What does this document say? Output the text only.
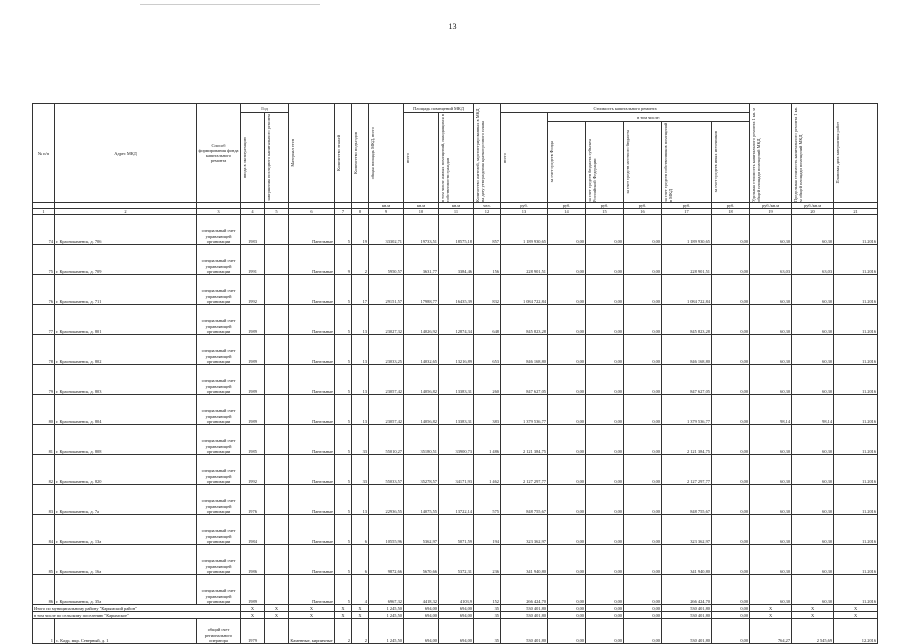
13
№ п/п	Адрес МКД	Способ формирования фонда капитального ремонта	Год		Материал стен	Количество этажей	Количество подъездов	общая площадь МКД, всего	Площадь помещений МКД		Количество жителей, зарегистрированных в МКД на дату утверждения краткосрочного плана	Стоимость капитального ремонта						Удельная стоимость капитального ремонта 1 кв. м общей площади помещений МКД	Предельная стоимость капитального ремонта 1 кв. м общей площади помещений МКД	Плановая дата завершения работ

			ввода в эксплуатацию	завершения последнего капитального ремонта					всего	в том числе жилых помещений, находящихся в собственности граждан		всего	в том числе:							

													за счет средств Фонда	за счет средств бюджета субъекта Российской Федерации	за счет средств местного бюджета	за счет средств собственников помещений в МКД	за счет средств иных источников			

								кв.м	кв.м	кв.м	чел.	руб.	руб.	руб.	руб.	руб.	руб.	руб./кв.м	руб./кв.м	
1	2	3	4	5	6	7	8	9	10	11	12	13	14	15	16	17	18	19	20	21
74	г. Краснокаменск, д. 706	специальный счет управляющей организации	1983		Панельные	5	19	33302,71	19733,51	18575,18	857	1 189 930,65	0,00	0,00	0,00	1 189 930,65	0,00	60,30	60,30	11.2016
75	г. Краснокаменск, д. 709	специальный счет управляющей организации	1991		Панельные	9	2	5950,57	3631,77	3384,46	156	228 901,51	0,00	0,00	0,00	228 901,51	0,00	63,03	63,03	11.2016
76	г. Краснокаменск, д. 711	специальный счет управляющей организации	1992		Панельные	5	17	29151,57	17988,77	16435,39	832	1 084 722,84	0,00	0,00	0,00	1 084 722,84	0,00	60,30	60,30	11.2016
77	г. Краснокаменск, д. 801	специальный счет управляющей организации	1989		Панельные	5	13	23027,32	14026,92	12874,34	648	845 823,28	0,00	0,00	0,00	845 823,28	0,00	60,30	60,30	11.2016
78	г. Краснокаменск, д. 802	специальный счет управляющей организации	1989		Панельные	5	13	23033,25	14032,65	13216,89	653	846 168,80	0,00	0,00	0,00	846 168,80	0,00	60,30	60,30	11.2016
79	г. Краснокаменск, д. 803	специальный счет управляющей организации	1989		Панельные	5	13	23057,42	14056,82	13383,31	260	847 627,05	0,00	0,00	0,00	847 627,05	0,00	60,30	60,30	11.2016
80	г. Краснокаменск, д. 804	специальный счет управляющей организации	1989		Панельные	5	13	23057,42	14056,82	13383,31	383	1 379 536,77	0,00	0,00	0,00	1 379 536,77	0,00	98,14	98,14	11.2016
81	г. Краснокаменск, д. 808	специальный счет управляющей организации	1985		Панельные	5	33	55010,27	35180,51	33900,73	1 486	2 121 384,75	0,00	0,00	0,00	2 121 384,75	0,00	60,30	60,30	11.2016
82	г. Краснокаменск, д. 820	специальный счет управляющей организации	1992		Панельные	5	33	55033,57	35278,57	34171,93	1 462	2 127 297,77	0,00	0,00	0,00	2 127 297,77	0,00	60,30	60,30	11.2016
83	г. Краснокаменск, д. 7а	специальный счет управляющей организации	1976		Панельные	5	13	22936,55	14075,55	13722,14	575	848 755,67	0,00	0,00	0,00	848 755,67	0,00	60,30	60,30	11.2016
84	г. Краснокаменск, д. 13а	специальный счет управляющей организации	1984		Панельные	5	6	10555,96	5362,97	5071,59	194	323 362,97	0,00	0,00	0,00	323 362,97	0,00	60,30	60,30	11.2016
85	г. Краснокаменск, д. 16а	специальный счет управляющей организации	1986		Панельные	5	6	9872,66	5670,66	5372,31	236	341 940,80	0,00	0,00	0,00	341 940,80	0,00	60,30	60,30	11.2016
86	г. Краснокаменск, д. 35а	специальный счет управляющей организации	1989		Панельные	5	4	6967,32	4418,32	4103,9	152	266 424,70	0,00	0,00	0,00	266 424,70	0,00	60,30	60,30	11.2016
Итого по муниципальному району "Карымский район"			X	X	X	X	X	1 245,50	694,00	694,00	35	530 401,80	0,00	0,00	0,00	530 401,80	0,00	X	X	X
в том числе по сельскому поселению "Карымское"			X	X	X	X	X	1 245,50	694,00	694,00	35	530 401,80	0,00	0,00	0,00	530 401,80	0,00	X	X	X
1	с. Кадр, мкр. Северный, д. 1	общий счет регионального оператора	1979		Каменные, кирпичные	2	2	1 245,50	694,00	694,00	35	530 401,80	0,00	0,00	0,00	530 401,80	0,00	764,27	2 545,69	12.2016
